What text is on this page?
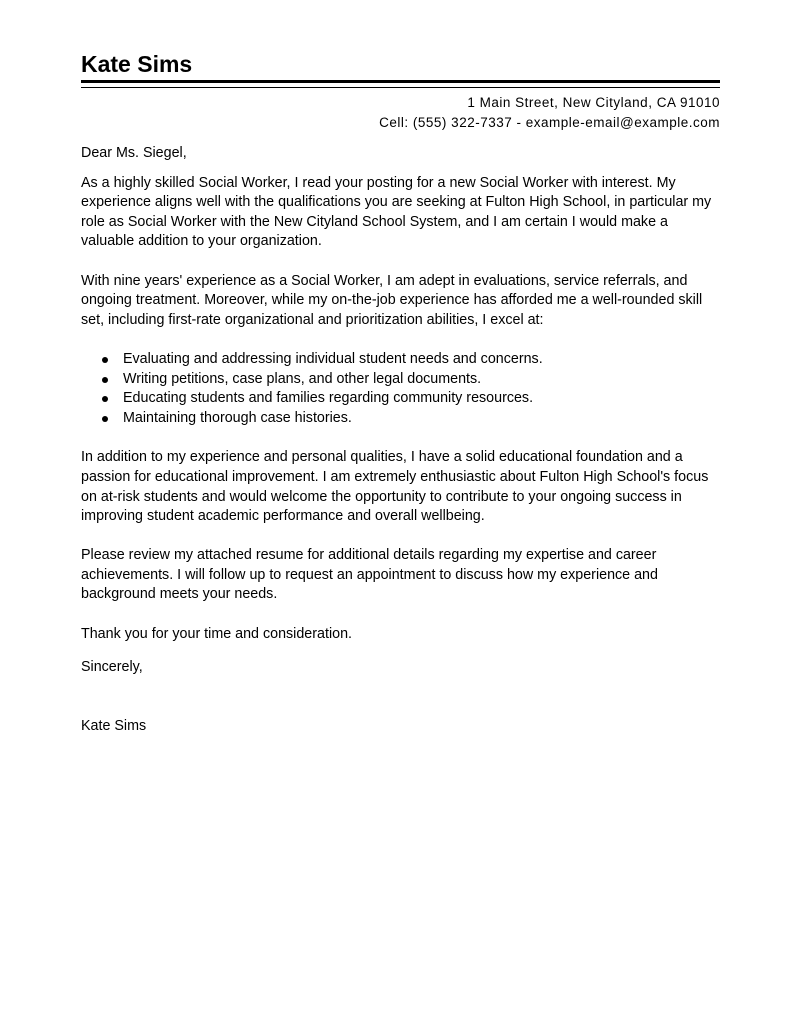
Kate Sims
1 Main Street, New Cityland, CA 91010
Cell: (555) 322-7337 - example-email@example.com

Dear Ms. Siegel,

As a highly skilled Social Worker, I read your posting for a new Social Worker with interest. My experience aligns well with the qualifications you are seeking at Fulton High School, in particular my role as Social Worker with the New Cityland School System, and I am certain I would make a valuable addition to your organization.

With nine years' experience as a Social Worker, I am adept in evaluations, service referrals, and ongoing treatment. Moreover, while my on-the-job experience has afforded me a well-rounded skill set, including first-rate organizational and prioritization abilities, I excel at:

Evaluating and addressing individual student needs and concerns.
Writing petitions, case plans, and other legal documents.
Educating students and families regarding community resources.
Maintaining thorough case histories.

In addition to my experience and personal qualities, I have a solid educational foundation and a passion for educational improvement. I am extremely enthusiastic about Fulton High School's focus on at-risk students and would welcome the opportunity to contribute to your ongoing success in improving student academic performance and overall wellbeing.

Please review my attached resume for additional details regarding my expertise and career achievements. I will follow up to request an appointment to discuss how my experience and background meets your needs.

Thank you for your time and consideration.

Sincerely,

Kate Sims
